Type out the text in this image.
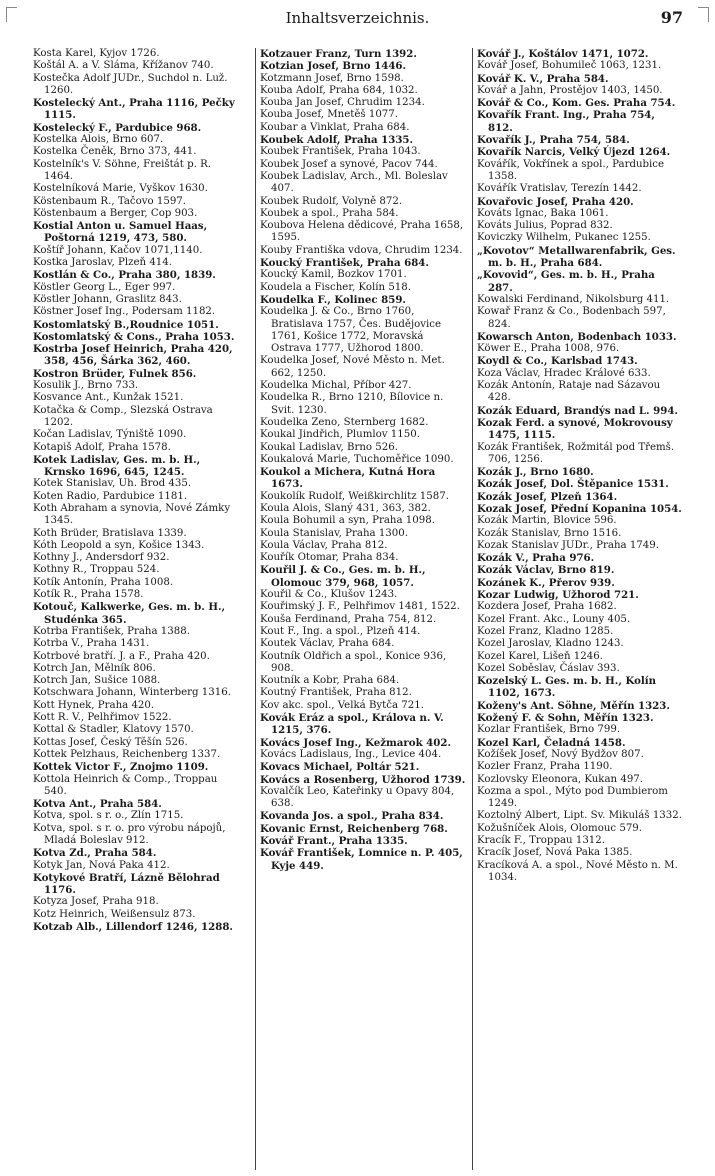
Inhaltsverzeichnis.	97

Kosta Karel, Kyjov 1726.

Koštál A. a V. Sláma, Křížanov 740.

Kostečka Adolf JUDr., Suchdol n. Luž. 1260.

Kostelecký Ant., Praha 1116, Pečky 1115.

Kostelecký F., Pardubice 968.

Kostelka Alois, Brno 607.

Kostelka Čeněk, Brno 373, 441.

Kostelník's V. Söhne, Freištát p. R. 1464.

Kostelníková Marie, Vyškov 1630.

Köstenbaum R., Tačovo 1597.

Köstenbaum a Berger, Cop 903.

Kostial Anton u. Samuel Haas, Poštorná 1219, 473, 580.

Koštíř Johann, Kačov 1071,1140.

Kostka Jaroslav, Plzeň 414.

Kostlán & Co., Praha 380, 1839.

Köstler Georg L., Eger 997.

Köstler Johann, Graslitz 843.

Köstner Josef Ing., Podersam 1182.

Kostomlatský B.,Roudnice 1051.

Kostomlatský & Cons., Praha 1053.

Kostrba Josef Heinrich, Praha 420, 358, 456, Šárka 362, 460.

Kostron Brüder, Fulnek 856.

Kosulik J., Brno 733.

Kosvance Ant., Kunžak 1521.

Kotačka & Comp., Slezská Ostrava 1202.

Kočan Ladislav, Týniště 1090.

Kotapiš Adolf, Praha 1578.

Kotek Ladislav, Ges. m. b. H., Krnsko 1696, 645, 1245.

Kotek Stanislav, Uh. Brod 435.

Koten Radio, Pardubice 1181.

Koth Abraham a synovia, Nové Zámky 1345.

Koth Brüder, Bratislava 1339.

Kóth Leopold a syn, Košice 1343.

Kothny J., Andersdorf 932.

Kothny R., Troppau 524.

Kotík Antonín, Praha 1008.

Kotík R., Praha 1578.

Kotouč, Kalkwerke, Ges. m. b. H., Studénka 365.

Kotrba František, Praha 1388.

Kotrba V., Praha 1431.

Kotrbové bratří. J. a F., Praha 420.

Kotrch Jan, Mělník 806.

Kotrch Jan, Sušice 1088.

Kotschwara Johann, Winterberg 1316.

Kott Hynek, Praha 420.

Kott R. V., Pelhřimov 1522.

Kottal & Stadler, Klatovy 1570.

Kottas Josef, Český Těšín 526.

Kottek Pelzhaus, Reichenberg 1337.

Kottek Victor F., Znojmo 1109.

Kottola Heinrich & Comp., Troppau 540.

Kotva Ant., Praha 584.

Kotva, spol. s r. o., Zlín 1715.

Kotva, spol. s r. o. pro výrobu nápojů, Mladá Boleslav 912.

Kotva Zd., Praha 584.

Kotyk Jan, Nová Paka 412.

Kotykové Bratří, Lázně Bělohrad 1176.

Kotyza Josef, Praha 918.

Kotz Heinrich, Weißensulz 873.

Kotzab Alb., Lillendorf 1246, 1288.

Kotzauer Franz, Turn 1392.

Kotzian Josef, Brno 1446.

Kotzmann Josef, Brno 1598.

Kouba Adolf, Praha 684, 1032.

Kouba Jan Josef, Chrudim 1234.

Kouba Josef, Mnetěš 1077.

Koubar a Vinklat, Praha 684.

Koubek Adolf, Praha 1335.

Koubek František, Praha 1043.

Koubek Josef a synové, Pacov 744.

Koubek Ladislav, Arch., Ml. Boleslav 407.

Koubek Rudolf, Volyně 872.

Koubek a spol., Praha 584.

Koubova Helena dědicové, Praha 1658, 1595.

Kouby Františka vdova, Chrudim 1234.

Koucký František, Praha 684.

Koucký Kamil, Bozkov 1701.

Koudela a Fischer, Kolín 518.

Koudelka F., Kolinec 859.

Koudelka J. & Co., Brno 1760, Bratislava 1757, Čes. Budějovice 1761, Košice 1772, Moravská Ostrava 1777, Užhorod 1800.

Koudelka Josef, Nové Město n. Met. 662, 1250.

Koudelka Michal, Příbor 427.

Koudelka R., Brno 1210, Bílovice n. Svit. 1230.

Koudelka Zeno, Sternberg 1682.

Koukal Jindřich, Plumlov 1150.

Koukal Ladislav, Brno 526.

Koukalová Marie, Tuchoměřice 1090.

Koukol a Michera, Kutná Hora 1673.

Koukolík Rudolf, Weißkirchlitz 1587.

Koula Alois, Slaný 431, 363, 382.

Koula Bohumil a syn, Praha 1098.

Koula Stanislav, Praha 1300.

Koula Václav, Praha 812.

Kouřík Otomar, Praha 834.

Kouřil J. & Co., Ges. m. b. H., Olomouc 379, 968, 1057.

Kouřil & Co., Klušov 1243.

Kouřimský J. F., Pelhřimov 1481, 1522.

Kouša Ferdinand, Praha 754, 812.

Kout F., Ing. a spol., Plzeň 414.

Koutek Václav, Praha 684.

Koutník Oldřich a spol., Konice 936, 908.

Koutník a Kobr, Praha 684.

Koutný František, Praha 812.

Kov akc. spol., Velká Bytča 721.

Kovák Eráz a spol., Králova n. V. 1215, 376.

Kovács Josef Ing., Kežmarok 402.

Kovács Ladislaus, Ing., Levice 404.

Kovacs Michael, Poltár 521.

Kovács a Rosenberg, Užhorod 1739.

Kovalčík Leo, Kateřinky u Opavy 804, 638.

Kovanda Jos. a spol., Praha 834.

Kovanic Ernst, Reichenberg 768.

Kovář Frant., Praha 1335.

Kovář František, Lomnice n. P. 405, Kyje 449.

Kovář J., Koštálov 1471, 1072.

Kovář Josef, Bohumileč 1063, 1231.

Kovář K. V., Praha 584.

Kovář a Jahn, Prostějov 1403, 1450.

Kovář & Co., Kom. Ges. Praha 754.

Kovařík Frant. Ing., Praha 754, 812.

Kovařík J., Praha 754, 584.

Kovařík Narcis, Velký Újezd 1264.

Kovářík, Vokřínek a spol., Pardubice 1358.

Kovářík Vratislav, Terezín 1442.

Kovařovic Josef, Praha 420.

Kováts Ignac, Baka 1061.

Kováts Julius, Poprad 832.

Koviczky Wilhelm, Pukanec 1255.

„Kovotov“ Metallwarenfabrik, Ges. m. b. H., Praha 684.

„Kovovid“, Ges. m. b. H., Praha 287.

Kowalski Ferdinand, Nikolsburg 411.

Kowař Franz & Co., Bodenbach 597, 824.

Kowarsch Anton, Bodenbach 1033.

Köwer E., Praha 1008, 976.

Koydl & Co., Karlsbad 1743.

Koza Václav, Hradec Králové 633.

Kozák Antonín, Rataje nad Sázavou 428.

Kozák Eduard, Brandýs nad L. 994.

Kozak Ferd. a synové, Mokrovousy 1475, 1115.

Kozák František, Rožmitál pod Třemš. 706, 1256.

Kozák J., Brno 1680.

Kozák Josef, Dol. Štěpanice 1531.

Kozák Josef, Plzeň 1364.

Kozak Josef, Přední Kopanina 1054.

Kozák Martin, Blovice 596.

Kozák Stanislav, Brno 1516.

Kozak Stanislav JUDr., Praha 1749.

Kozák V., Praha 976.

Kozák Václav, Brno 819.

Kozánek K., Přerov 939.

Kozar Ludwig, Užhorod 721.

Kozdera Josef, Praha 1682.

Kozel Frant. Akc., Louny 405.

Kozel Franz, Kladno 1285.

Kozel Jaroslav, Kladno 1243.

Kozel Karel, Lišeň 1246.

Kozel Soběslav, Čáslav 393.

Kozelský L. Ges. m. b. H., Kolín 1102, 1673.

Koženy's Ant. Söhne, Měřín 1323.

Kožený F. & Sohn, Měřín 1323.

Kozlar František, Brno 799.

Kozel Karl, Čeladná 1458.

Kožíšek Josef, Nový Bydžov 807.

Kozler Franz, Praha 1190.

Kozlovsky Eleonora, Kukan 497.

Kozma a spol., Mýto pod Dumbierom 1249.

Koztolný Albert, Lipt. Sv. Mikuláš 1332.

Kožušníček Alois, Olomouc 579.

Kracík F., Troppau 1312.

Kracík Josef, Nová Paka 1385.

Kracíková A. a spol., Nové Město n. M. 1034.
